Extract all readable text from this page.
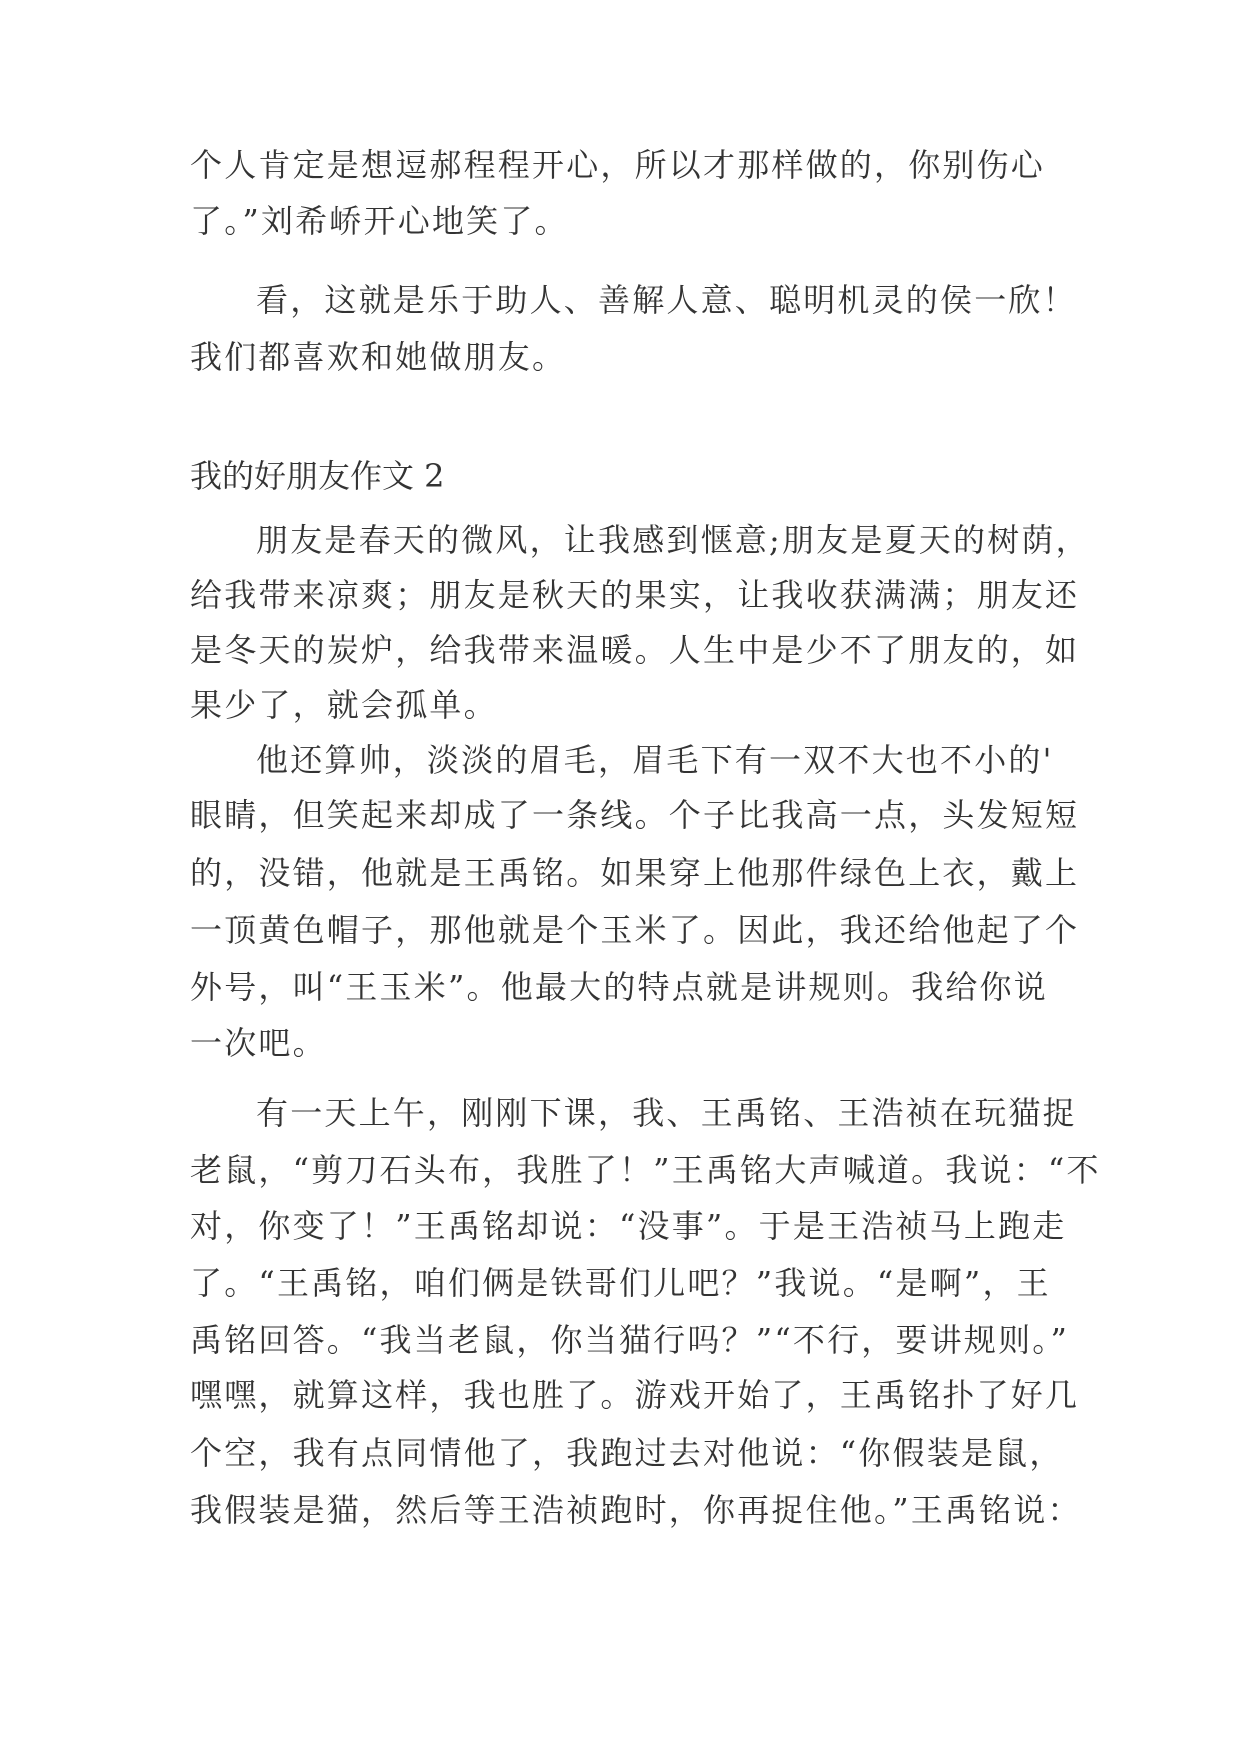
个人肯定是想逗郝程程开心，所以才那样做的，你别伤心
了。”刘希峤开心地笑了。
看，这就是乐于助人、善解人意、聪明机灵的侯一欣！
我们都喜欢和她做朋友。
我的好朋友作文 2
朋友是春天的微风，让我感到惬意;朋友是夏天的树荫，
给我带来凉爽；朋友是秋天的果实，让我收获满满；朋友还
是冬天的炭炉，给我带来温暖。人生中是少不了朋友的，如
果少了，就会孤单。
他还算帅，淡淡的眉毛，眉毛下有一双不大也不小的'
眼睛，但笑起来却成了一条线。个子比我高一点，头发短短
的，没错，他就是王禹铭。如果穿上他那件绿色上衣，戴上
一顶黄色帽子，那他就是个玉米了。因此，我还给他起了个
外号，叫“王玉米”。他最大的特点就是讲规则。我给你说
一次吧。
有一天上午，刚刚下课，我、王禹铭、王浩祯在玩猫捉
老鼠，“剪刀石头布，我胜了！”王禹铭大声喊道。我说：“不
对，你变了！”王禹铭却说：“没事”。于是王浩祯马上跑走
了。“王禹铭，咱们俩是铁哥们儿吧？”我说。“是啊”，王
禹铭回答。“我当老鼠，你当猫行吗？”“不行，要讲规则。”
嘿嘿，就算这样，我也胜了。游戏开始了，王禹铭扑了好几
个空，我有点同情他了，我跑过去对他说：“你假装是鼠，
我假装是猫，然后等王浩祯跑时，你再捉住他。”王禹铭说：
